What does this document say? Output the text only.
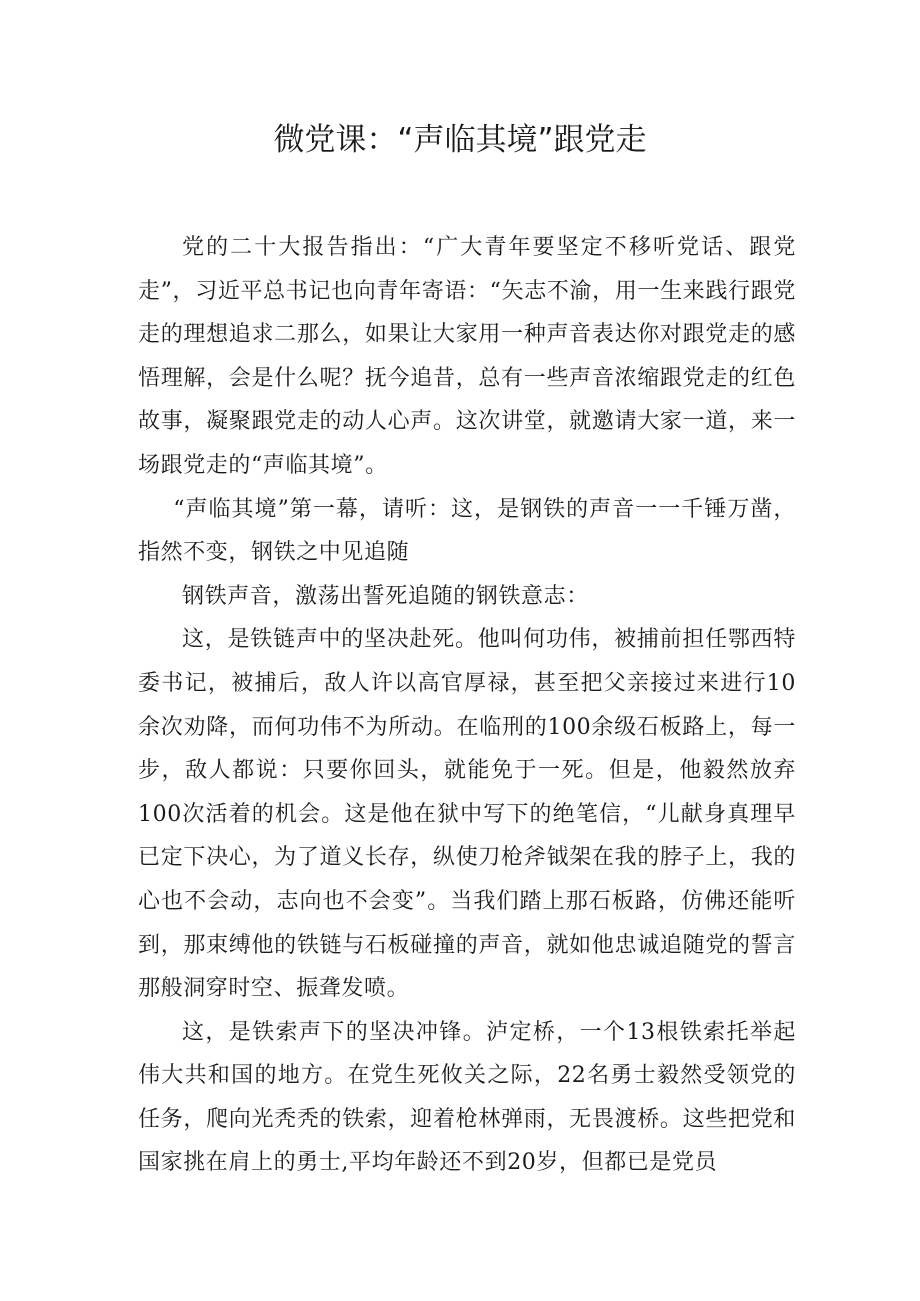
微党课：“声临其境”跟党走

党的二十大报告指出：“广大青年要坚定不移听党话、跟党走”，习近平总书记也向青年寄语：“矢志不渝，用一生来践行跟党走的理想追求二那么，如果让大家用一种声音表达你对跟党走的感悟理解，会是什么呢？抚今追昔，总有一些声音浓缩跟党走的红色故事，凝聚跟党走的动人心声。这次讲堂，就邀请大家一道，来一场跟党走的“声临其境”。

“声临其境”第一幕，请听：这，是钢铁的声音一一千锤万凿，指然不变，钢铁之中见追随

钢铁声音，激荡出誓死追随的钢铁意志：

这，是铁链声中的坚决赴死。他叫何功伟，被捕前担任鄂西特委书记，被捕后，敌人许以高官厚禄，甚至把父亲接过来进行10余次劝降，而何功伟不为所动。在临刑的100余级石板路上，每一步，敌人都说：只要你回头，就能免于一死。但是，他毅然放弃100次活着的机会。这是他在狱中写下的绝笔信，“儿献身真理早已定下决心，为了道义长存，纵使刀枪斧钺架在我的脖子上，我的心也不会动，志向也不会变”。当我们踏上那石板路，仿佛还能听到，那束缚他的铁链与石板碰撞的声音，就如他忠诚追随党的誓言那般洞穿时空、振聋发喷。

这，是铁索声下的坚决冲锋。泸定桥，一个13根铁索托举起伟大共和国的地方。在党生死攸关之际，22名勇士毅然受领党的任务，爬向光秃秃的铁索，迎着枪林弹雨，无畏渡桥。这些把党和国家挑在肩上的勇士,平均年龄还不到20岁，但都已是党员
